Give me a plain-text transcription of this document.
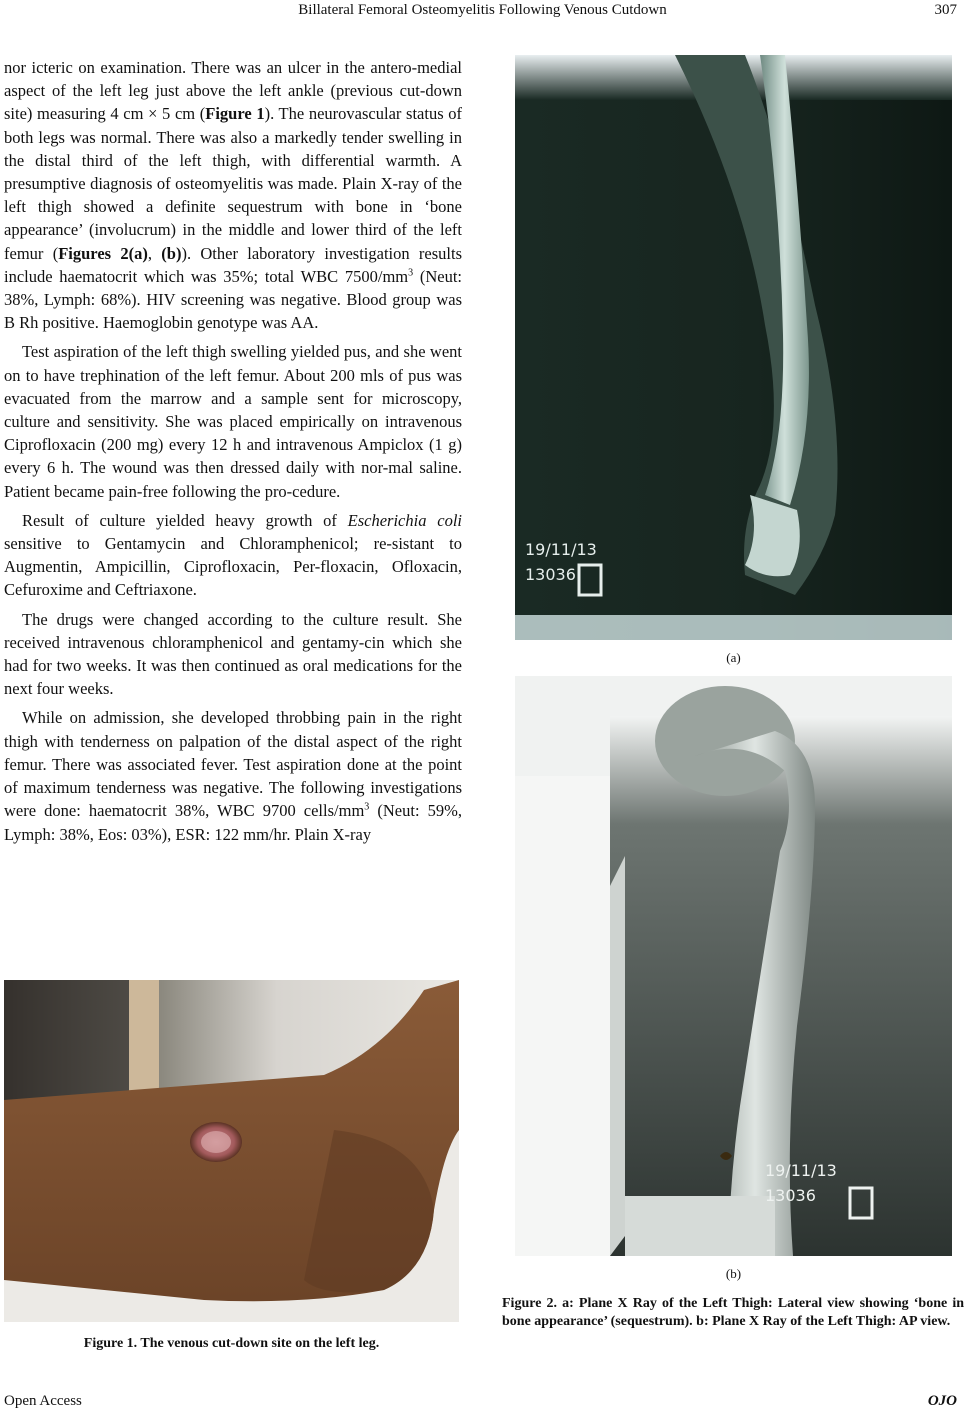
Billateral Femoral Osteomyelitis Following Venous Cutdown	307

nor icteric on examination. There was an ulcer in the antero-medial aspect of the left leg just above the left ankle (previous cut-down site) measuring 4 cm × 5 cm (Figure 1). The neurovascular status of both legs was normal. There was also a markedly tender swelling in the distal third of the left thigh, with differential warmth. A presumptive diagnosis of osteomyelitis was made. Plain X-ray of the left thigh showed a definite sequestrum with bone in ‘bone appearance’ (involucrum) in the middle and lower third of the left femur (Figures 2(a), (b)). Other laboratory investigation results include haematocrit which was 35%; total WBC $7500/mm^3$ (Neut: 38%, Lymph: 68%). HIV screening was negative. Blood group was B Rh positive. Haemoglobin genotype was AA.

Test aspiration of the left thigh swelling yielded pus, and she went on to have trephination of the left femur. About 200 mls of pus was evacuated from the marrow and a sample sent for microscopy, culture and sensitivity. She was placed empirically on intravenous Ciprofloxacin (200 mg) every 12 h and intravenous Ampiclox (1 g) every 6 h. The wound was then dressed daily with nor-mal saline. Patient became pain-free following the pro-cedure.

Result of culture yielded heavy growth of Escherichia coli sensitive to Gentamycin and Chloramphenicol; re-sistant to Augmentin, Ampicillin, Ciprofloxacin, Per-floxacin, Ofloxacin, Cefuroxime and Ceftriaxone.

The drugs were changed according to the culture result. She received intravenous chloramphenicol and gentamy-cin which she had for two weeks. It was then continued as oral medications for the next four weeks.

While on admission, she developed throbbing pain in the right thigh with tenderness on palpation of the distal aspect of the right femur. There was associated fever. Test aspiration done at the point of maximum tenderness was negative. The following investigations were done: haematocrit 38%, WBC 9700 cells/$mm^3$ (Neut: 59%, Lymph: 38%, Eos: 03%), ESR: 122 mm/hr. Plain X-ray

Figure 1. The venous cut-down site on the left leg.
19/11/13
13036
(a)
19/11/13
13036
(b)
Figure 2. a: Plane X Ray of the Left Thigh: Lateral view showing ‘bone in bone appearance’ (sequestrum). b: Plane X Ray of the Left Thigh: AP view.
Open Access	OJO
